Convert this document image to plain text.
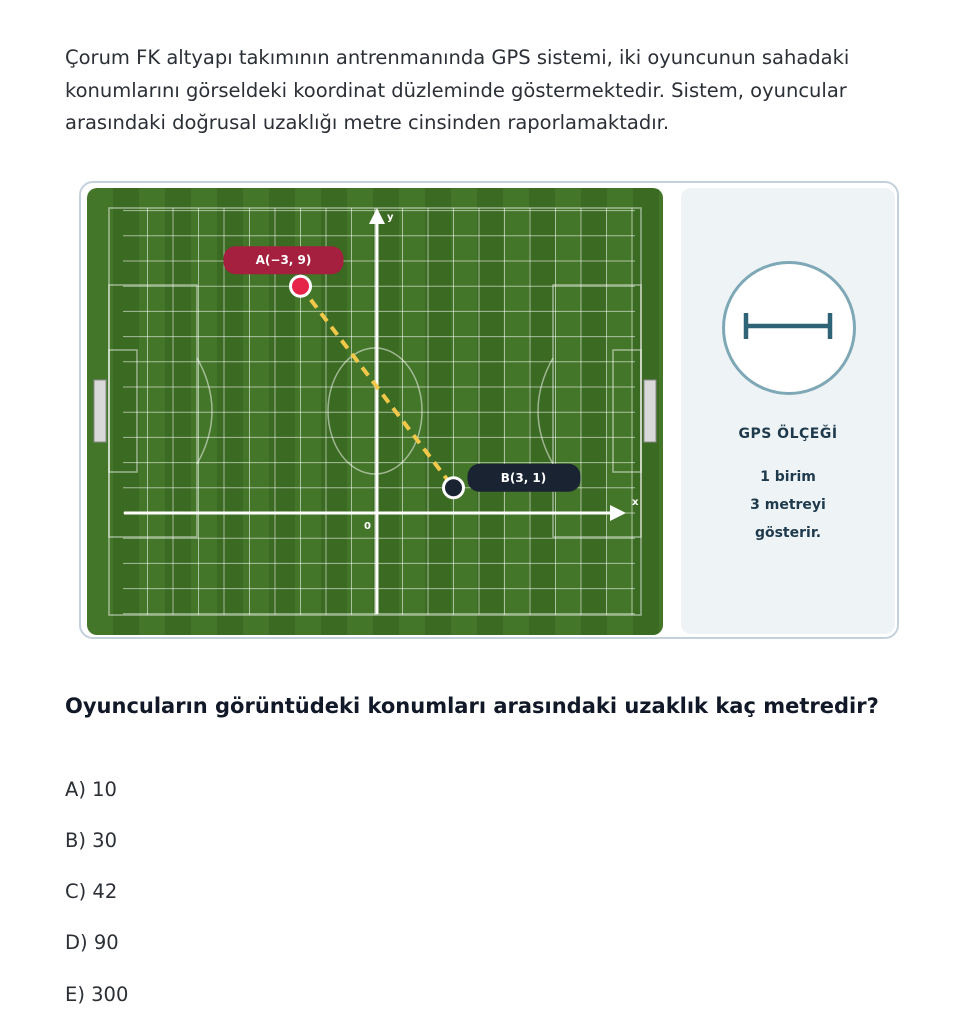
Çorum FK altyapı takımının antrenmanında GPS sistemi, iki oyuncunun sahadaki konumlarını görseldeki koordinat düzleminde göstermektedir. Sistem, oyuncular arasındaki doğrusal uzaklığı metre cinsinden raporlamaktadır.

y
x
0
A(−3, 9)
B(3, 1)
GPS ÖLÇEĞİ
1 birim
3 metreyi
gösterir.

Oyuncuların görüntüdeki konumları arasındaki uzaklık kaç metredir?

A) 10
B) 30
C) 42
D) 90
E) 300
